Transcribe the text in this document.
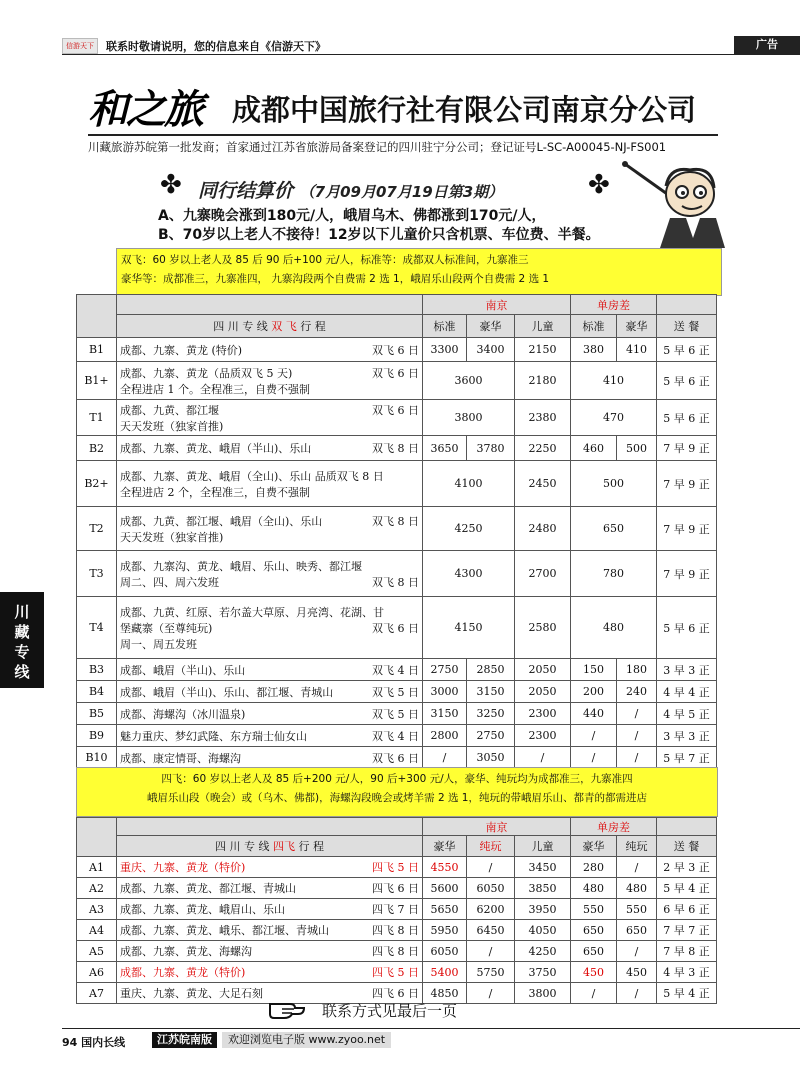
信游天下	联系时敬请说明，您的信息来自《信游天下》	广告
和之旅 成都中国旅行社有限公司南京分公司
川藏旅游苏皖第一批发商；首家通过江苏省旅游局备案登记的四川驻宁分公司；登记证号L-SC-A00045-NJ-FS001
✤ 同行结算价 （7月09月07月19日第3期）	✤
A、九寨晚会涨到180元/人，峨眉乌木、佛都涨到170元/人，
B、70岁以上老人不接待！12岁以下儿童价只含机票、车位费、半餐。
双飞：60 岁以上老人及 85 后 90 后+100 元/人，标准等：成都双人标准间，九寨准三
豪华等：成都准三，九寨准四， 九寨沟段两个自费需 2 选 1，峨眉乐山段两个自费需 2 选 1
		南京			单房差		
	四 川 专 线 双 飞 行 程	标准	豪华	儿童	标准	豪华	送 餐
B1	成都、九寨、黄龙 (特价) 双飞 6 日	3300	3400	2150	380	410	5 早 6 正
B1+	成都、九寨、黄龙（品质双飞 5 天) 双飞 6 日
全程进店 1 个。全程准三，自费不强制	3600		2180	410		5 早 6 正
T1	成都、九黄、都江堰 双飞 6 日
天天发班（独家首推)	3800		2380	470		5 早 6 正
B2	成都、九寨、黄龙、峨眉（半山)、乐山 双飞 8 日	3650	3780	2250	460	500	7 早 9 正
B2+	成都、九寨、黄龙、峨眉（全山)、乐山 品质双飞 8 日
全程进店 2 个，全程准三，自费不强制	4100		2450	500		7 早 9 正
T2	成都、九黄、都江堰、峨眉（全山)、乐山 双飞 8 日
天天发班（独家首推)	4250		2480	650		7 早 9 正
T3	成都、九寨沟、黄龙、峨眉、乐山、映秀、都江堰
周二、四、周六发班 双飞 8 日	4300		2700	780		7 早 9 正
T4	成都、九黄、红原、若尔盖大草原、月亮湾、花湖、甘
堡藏寨（至尊纯玩) 双飞 6 日
周一、周五发班	4150		2580	480		5 早 6 正
B3	成都、峨眉（半山)、乐山 双飞 4 日	2750	2850	2050	150	180	3 早 3 正
B4	成都、峨眉（半山)、乐山、都江堰、青城山 双飞 5 日	3000	3150	2050	200	240	4 早 4 正
B5	成都、海螺沟（冰川温泉) 双飞 5 日	3150	3250	2300	440	/	4 早 5 正
B9	魅力重庆、梦幻武隆、东方瑞士仙女山 双飞 4 日	2800	2750	2300	/	/	3 早 3 正
B10	成都、康定情哥、海螺沟 双飞 6 日	/	3050	/	/	/	5 早 7 正
四飞：60 岁以上老人及 85 后+200 元/人，90 后+300 元/人，豪华、纯玩均为成都准三，九寨准四
峨眉乐山段（晚会）或（乌木、佛都)，海螺沟段晚会或烤羊需 2 选 1，纯玩的带峨眉乐山、都青的都需进店
		南京			单房差		
	四 川 专 线 四飞 行 程	豪华	纯玩	儿童	豪华	纯玩	送 餐
A1	重庆、九寨、黄龙（特价) 四飞 5 日	4550	/	3450	280	/	2 早 3 正
A2	成都、九寨、黄龙、都江堰、青城山 四飞 6 日	5600	6050	3850	480	480	5 早 4 正
A3	成都、九寨、黄龙、峨眉山、乐山 四飞 7 日	5650	6200	3950	550	550	6 早 6 正
A4	成都、九寨、黄龙、峨乐、都江堰、青城山 四飞 8 日	5950	6450	4050	650	650	7 早 7 正
A5	成都、九寨、黄龙、海螺沟 四飞 8 日	6050	/	4250	650	/	7 早 8 正
A6	成都、九寨、黄龙（特价) 四飞 5 日	5400	5750	3750	450	450	4 早 3 正
A7	重庆、九寨、黄龙、大足石刻 四飞 6 日	4850	/	3800	/	/	5 早 4 正
联系方式见最后一页
川
藏
专
线
94 国内长线	江苏皖南版	欢迎浏览电子版 www.zyoo.net
